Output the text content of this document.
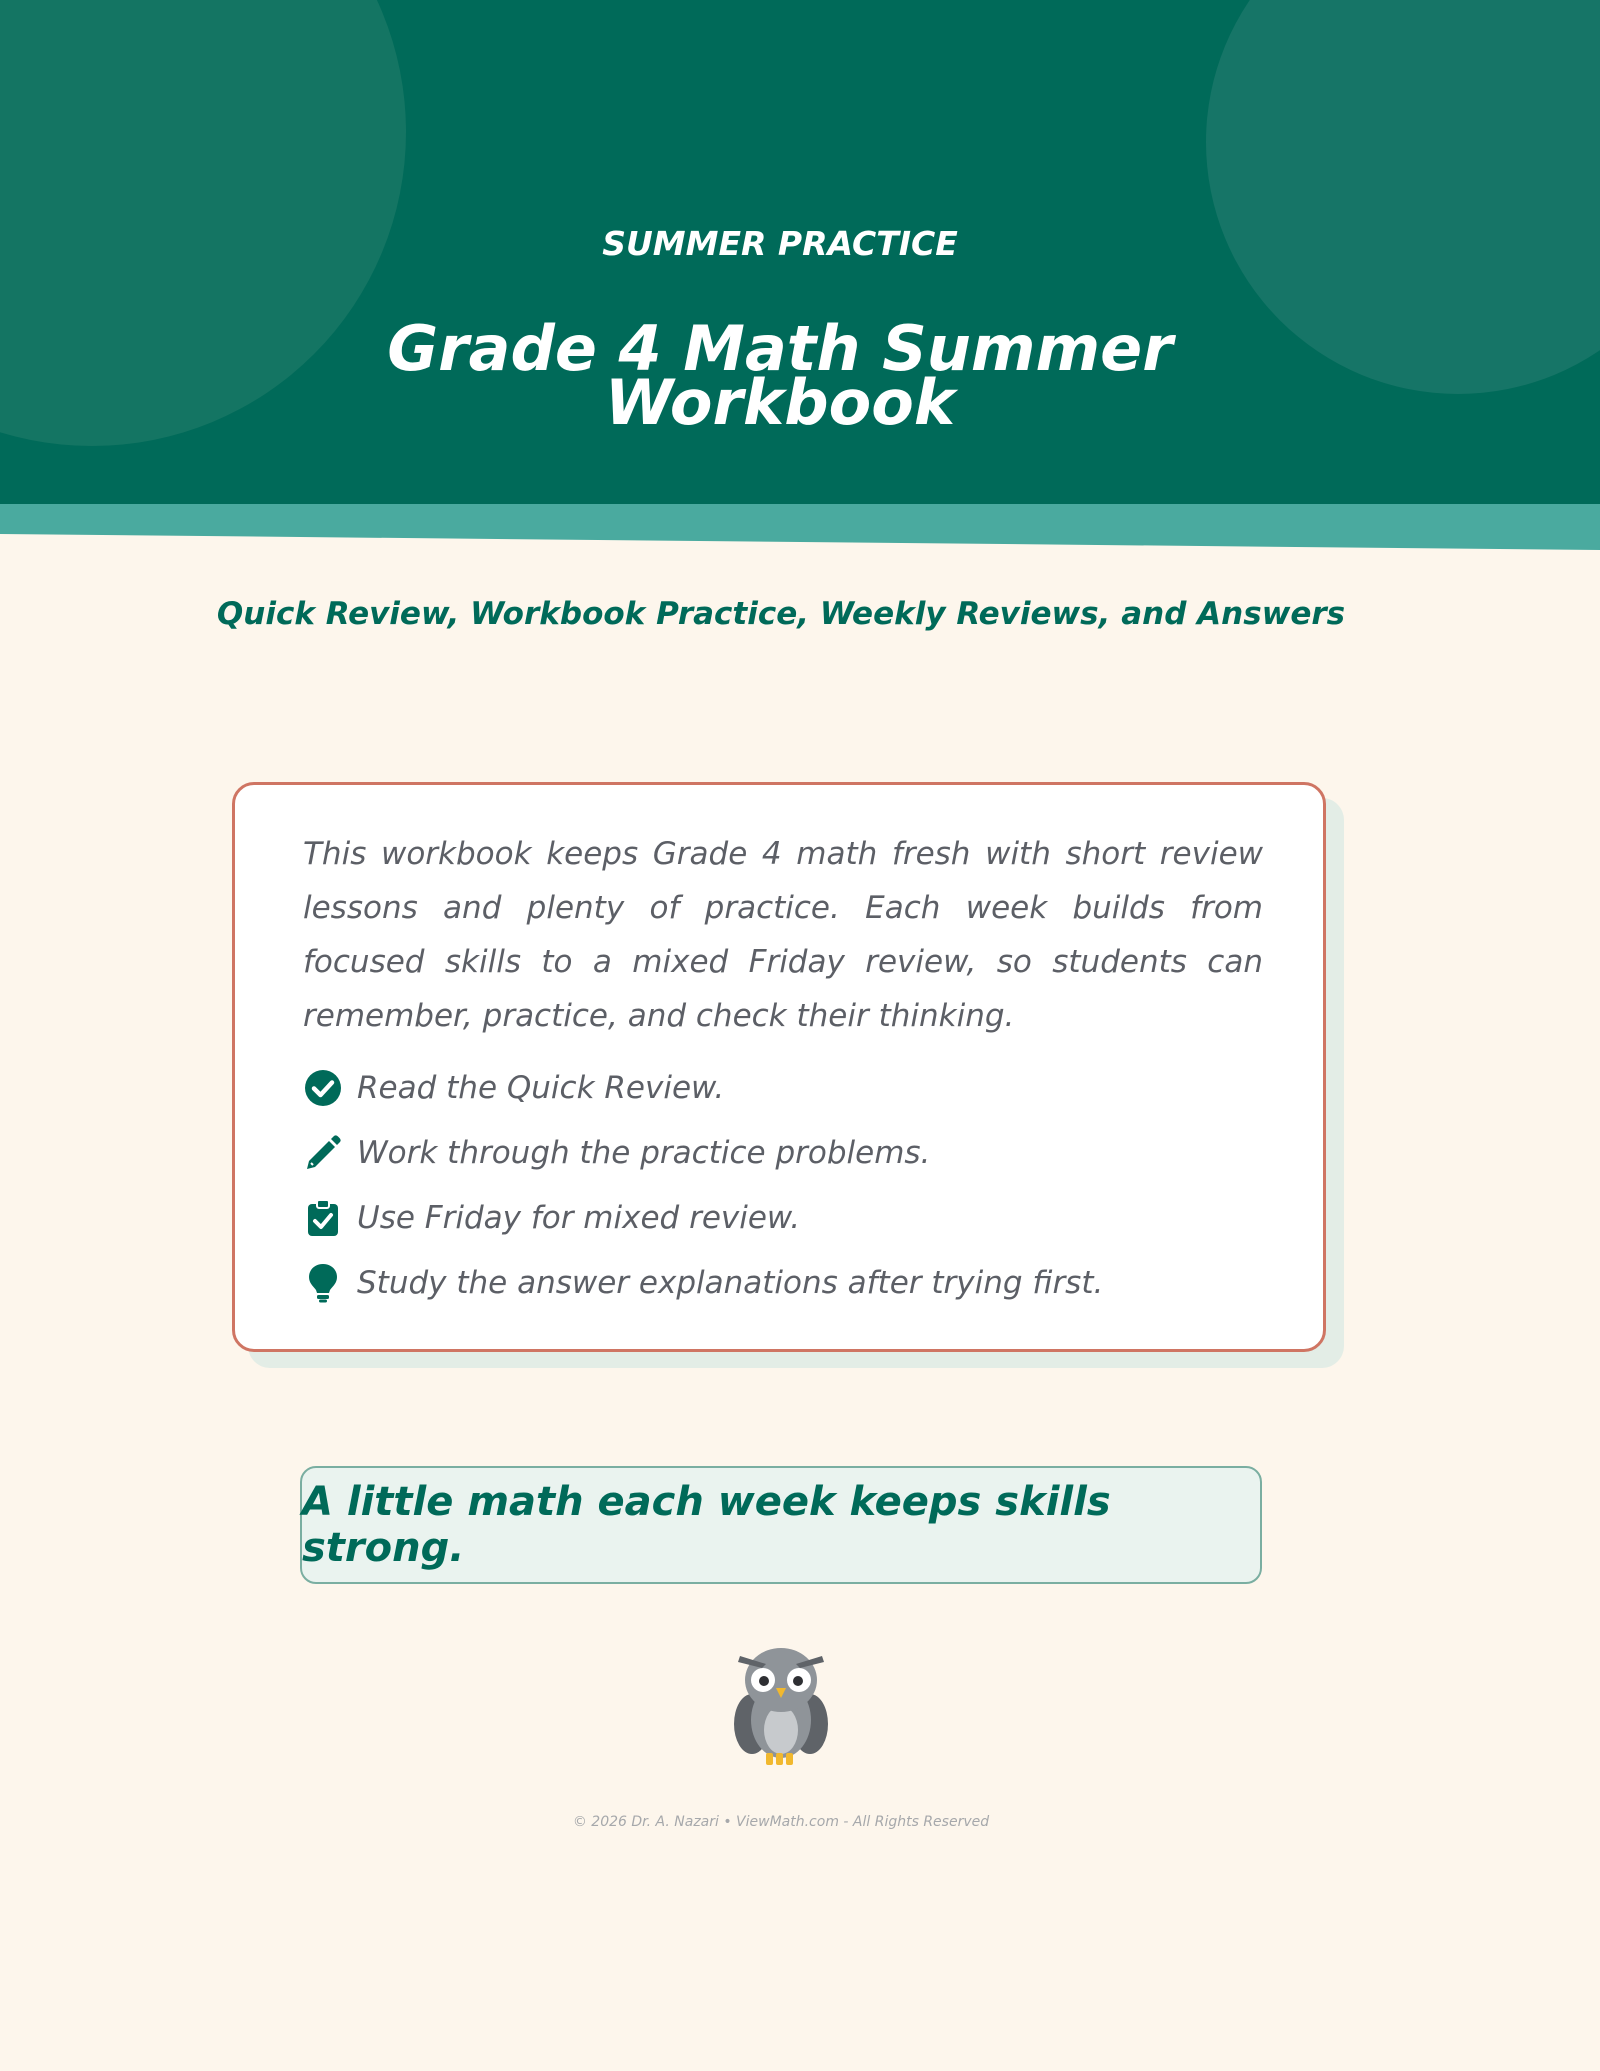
SUMMER PRACTICE
Grade 4 Math Summer Workbook
Quick Review, Workbook Practice, Weekly Reviews, and Answers

This workbook keeps Grade 4 math fresh with short review lessons and plenty of practice. Each week builds from focused skills to a mixed Friday review, so students can remember, practice, and check their thinking.

Read the Quick Review.
Work through the practice problems.
Use Friday for mixed review.
Study the answer explanations after trying first.
A little math each week keeps skills strong.
© 2026 Dr. A. Nazari • ViewMath.com - All Rights Reserved
